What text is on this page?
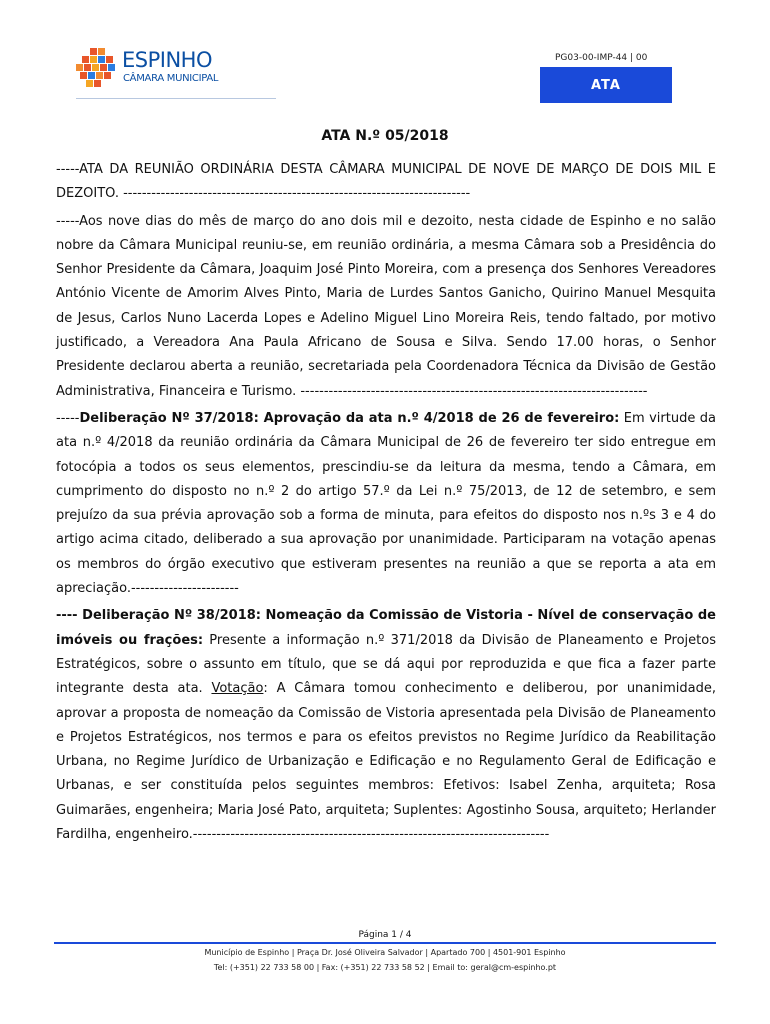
ESPINHO
CÂMARA MUNICIPAL
PG03-00-IMP-44 | 00
ATA
ATA N.º 05/2018

-----ATA DA REUNIÃO ORDINÁRIA DESTA CÂMARA MUNICIPAL DE NOVE DE MARÇO DE DOIS MIL E DEZOITO. --------------------------------------------------------------------------

-----Aos nove dias do mês de março do ano dois mil e dezoito, nesta cidade de Espinho e no salão nobre da Câmara Municipal reuniu-se, em reunião ordinária, a mesma Câmara sob a Presidência do Senhor Presidente da Câmara, Joaquim José Pinto Moreira, com a presença dos Senhores Vereadores António Vicente de Amorim Alves Pinto, Maria de Lurdes Santos Ganicho, Quirino Manuel Mesquita de Jesus, Carlos Nuno Lacerda Lopes e Adelino Miguel Lino Moreira Reis, tendo faltado, por motivo justificado, a Vereadora Ana Paula Africano de Sousa e Silva. Sendo 17.00 horas, o Senhor Presidente declarou aberta a reunião, secretariada pela Coordenadora Técnica da Divisão de Gestão Administrativa, Financeira e Turismo. --------------------------------------------------------------------------

-----Deliberação Nº 37/2018: Aprovação da ata n.º 4/2018 de 26 de fevereiro: Em virtude da ata n.º 4/2018 da reunião ordinária da Câmara Municipal de 26 de fevereiro ter sido entregue em fotocópia a todos os seus elementos, prescindiu-se da leitura da mesma, tendo a Câmara, em cumprimento do disposto no n.º 2 do artigo 57.º da Lei n.º 75/2013, de 12 de setembro, e sem prejuízo da sua prévia aprovação sob a forma de minuta, para efeitos do disposto nos n.ºs 3 e 4 do artigo acima citado, deliberado a sua aprovação por unanimidade. Participaram na votação apenas os membros do órgão executivo que estiveram presentes na reunião a que se reporta a ata em apreciação.-----------------------

---- Deliberação Nº 38/2018: Nomeação da Comissão de Vistoria - Nível de conservação de imóveis ou frações: Presente a informação n.º 371/2018 da Divisão de Planeamento e Projetos Estratégicos, sobre o assunto em título, que se dá aqui por reproduzida e que fica a fazer parte integrante desta ata. Votação: A Câmara tomou conhecimento e deliberou, por unanimidade, aprovar a proposta de nomeação da Comissão de Vistoria apresentada pela Divisão de Planeamento e Projetos Estratégicos, nos termos e para os efeitos previstos no Regime Jurídico da Reabilitação Urbana, no Regime Jurídico de Urbanização e Edificação e no Regulamento Geral de Edificação e Urbanas, e ser constituída pelos seguintes membros: Efetivos: Isabel Zenha, arquiteta; Rosa Guimarães, engenheira; Maria José Pato, arquiteta; Suplentes: Agostinho Sousa, arquiteto; Herlander Fardilha, engenheiro.----------------------------------------------------------------------------

Página 1 / 4
Município de Espinho | Praça Dr. José Oliveira Salvador | Apartado 700 | 4501-901 Espinho
Tel: (+351) 22 733 58 00 | Fax: (+351) 22 733 58 52 | Email to: geral@cm-espinho.pt
